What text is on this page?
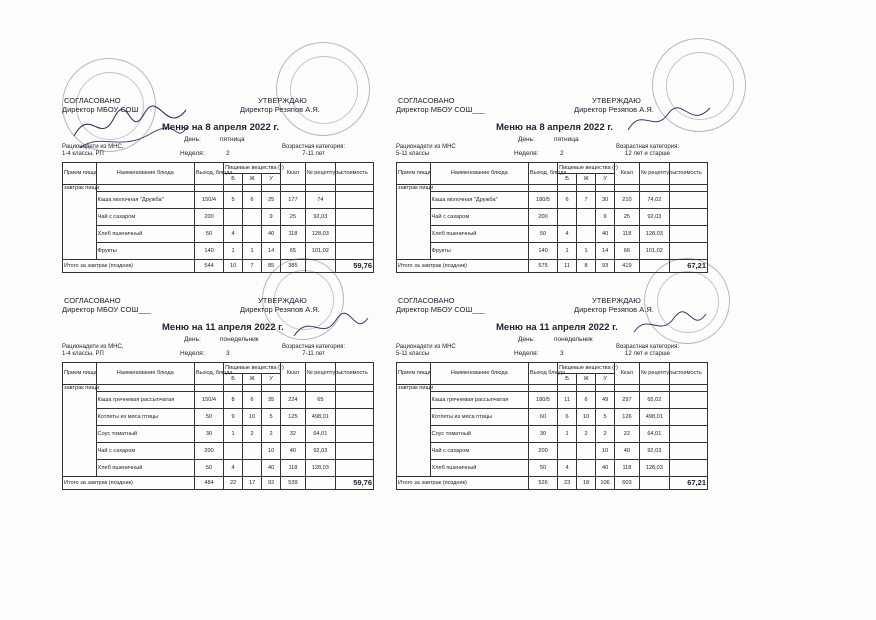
СОГЛАСОВАНО
Директор МБОУ СОШ
УТВЕРЖДАЮ
Директор Резяпов А.Я.
Меню на 8 апреля 2022 г.
День:	пятница
Рационадети из МНС,
1-4 классы, РП	Неделя:	2
Возрастная категория:
7-11 лет
Прием пищи	Наименование блюда	Выход, блюда	Пищевые вещества (г)			Ккал	№ рецептуры	стоимость
			Б	Ж	У			
завтрак пищи								
	Каша молочная "Дружба"	150/4	5	6	25	177	74	
	Чай с сахаром	200			9	25	92,03	
	Хлеб пшеничный	50	4		40	118	128,03	
	Фрукты	140	1	1	14	65	101,02	
Итого за завтрак (поздник)		544	10	7	85	385		59,76
СОГЛАСОВАНО
Директор МБОУ СОШ___
УТВЕРЖДАЮ
Директор Резяпов А.Я.
Меню на 8 апреля 2022 г.
День:	пятница
Рационадети из МНС
5-11 классы	Неделя:	2
Возрастная категория:
12 лет и старше
Прием пищи	Наименование блюда	Выход, блюда	Пищевые вещества (г)			Ккал	№ рецептуры	стоимость
			Б	Ж	У			
завтрак пищи								
	Каша молочная "Дружба"	180/5	6	7	30	210	74,02	
	Чай с сахаром	200			9	25	92,03	
	Хлеб пшеничный	50	4		40	118	128,03	
	Фрукты	140	1	1	14	66	101,02	
Итого за завтрак (поздник)		575	11	8	93	419		67,21
СОГЛАСОВАНО
Директор МБОУ СОШ___
УТВЕРЖДАЮ
Директор Резяпов А.Я.
Меню на 11 апреля 2022 г.
День:	понедельник
Рационадети из МНС,
1-4 классы, РП	Неделя:	3
Возрастная категория:
7-11 лет
Прием пищи	Наименование блюда	Выход, блюда	Пищевые вещества (г)			Ккал	№ рецептуры	стоимость
			Б	Ж	У			
завтрак пищи								
	Каша гречневая рассыпчатая	150/4	8	6	35	224	65	
	Котлеты из мяса птицы	50	9	10	5	125	498,01	
	Соус томатный	30	1	2	2	32	64,01	
	Чай с сахаром	200			10	40	92,03	
	Хлеб пшеничный	50	4		40	118	128,03	
Итого за завтрак (поздник)		484	22	17	92	539		59,76
СОГЛАСОВАНО
Директор МБОУ СОШ___
УТВЕРЖДАЮ
Директор Резяпов А.Я.
Меню на 11 апреля 2022 г.
День:	понедельник
Рационадети из МНС
5-11 классы	Неделя:	3
Возрастная категория:
12 лет и старше
Прием пищи	Наименование блюда	Выход блюда	Пищевые вещества (г)			Ккал	№ рецептуры	стоимость
			Б	Ж	У			
завтрак пищи								
	Каша гречневая рассыпчатая	180/5	11	6	49	297	65,02	
	Котлеты из мяса птицы	60	6	10	5	126	498,01	
	Соус томатный	30	1	2	2	22	64,01	
	Чай с сахаром	200			10	40	92,03	
	Хлеб пшеничный	50	4		40	118	128,03	
Итого за завтрак (поздник)		526	23	18	106	603		67,21
